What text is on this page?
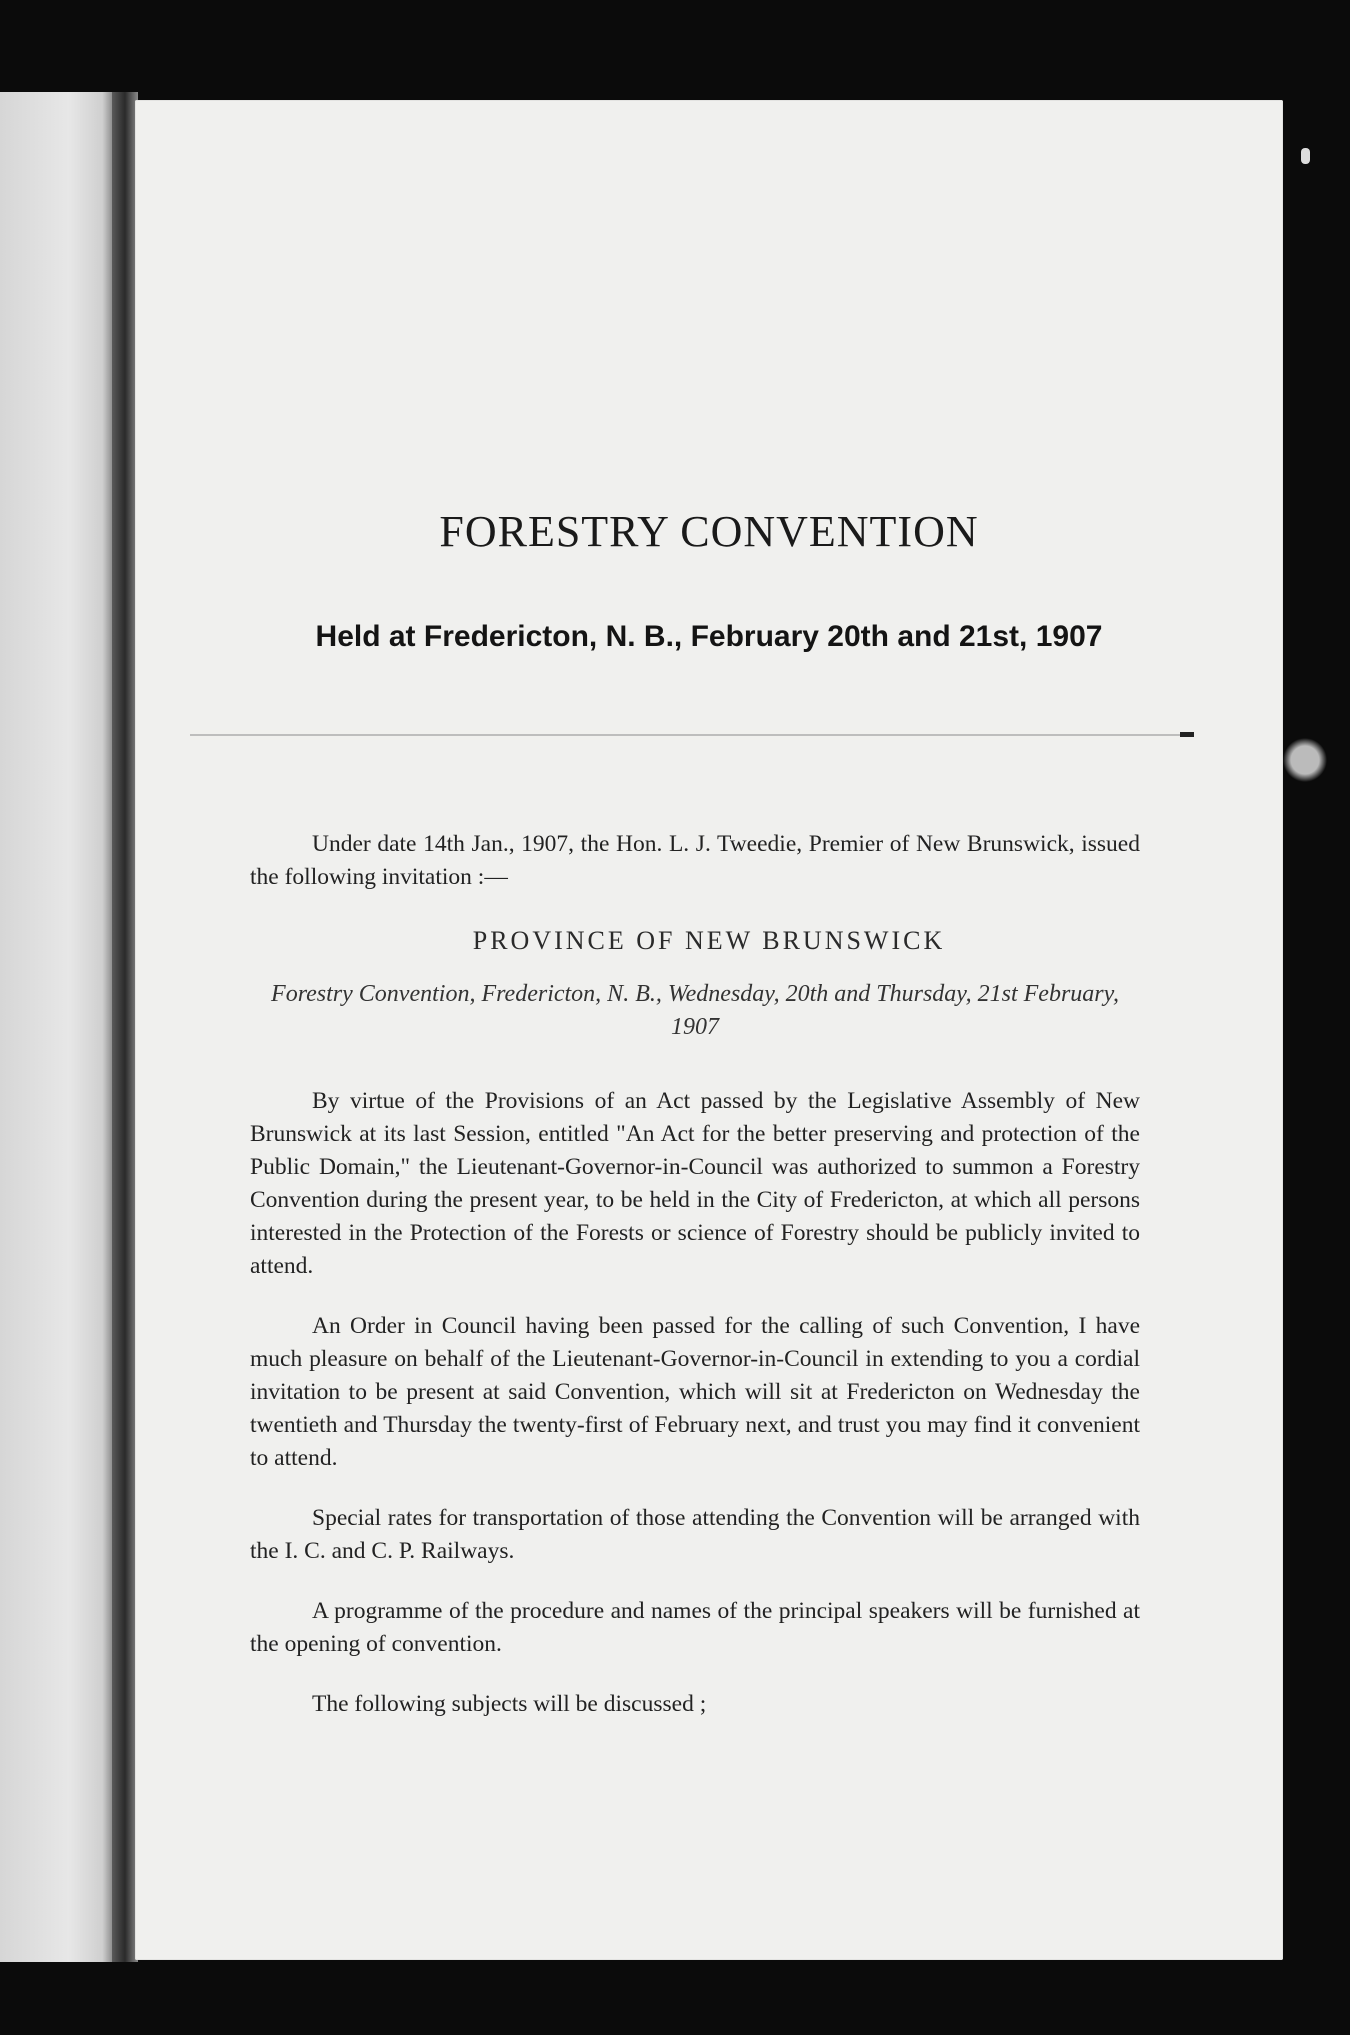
FORESTRY CONVENTION
Held at Fredericton, N. B., February 20th and 21st, 1907

Under date 14th Jan., 1907, the Hon. L. J. Tweedie, Premier of New Brunswick, issued the following invitation :—

PROVINCE OF NEW BRUNSWICK
Forestry Convention, Fredericton, N. B., Wednesday, 20th and Thursday, 21st February, 1907

By virtue of the Provisions of an Act passed by the Legislative Assembly of New Brunswick at its last Session, entitled "An Act for the better preserving and protection of the Public Domain," the Lieutenant-Governor-in-Council was authorized to summon a Forestry Convention during the present year, to be held in the City of Fredericton, at which all persons interested in the Protection of the Forests or science of Forestry should be publicly invited to attend.

An Order in Council having been passed for the calling of such Convention, I have much pleasure on behalf of the Lieutenant-Governor-in-Council in extending to you a cordial invitation to be present at said Convention, which will sit at Fredericton on Wednesday the twentieth and Thursday the twenty-first of February next, and trust you may find it convenient to attend.

Special rates for transportation of those attending the Convention will be arranged with the I. C. and C. P. Railways.

A programme of the procedure and names of the principal speakers will be furnished at the opening of convention.

The following subjects will be discussed ;
